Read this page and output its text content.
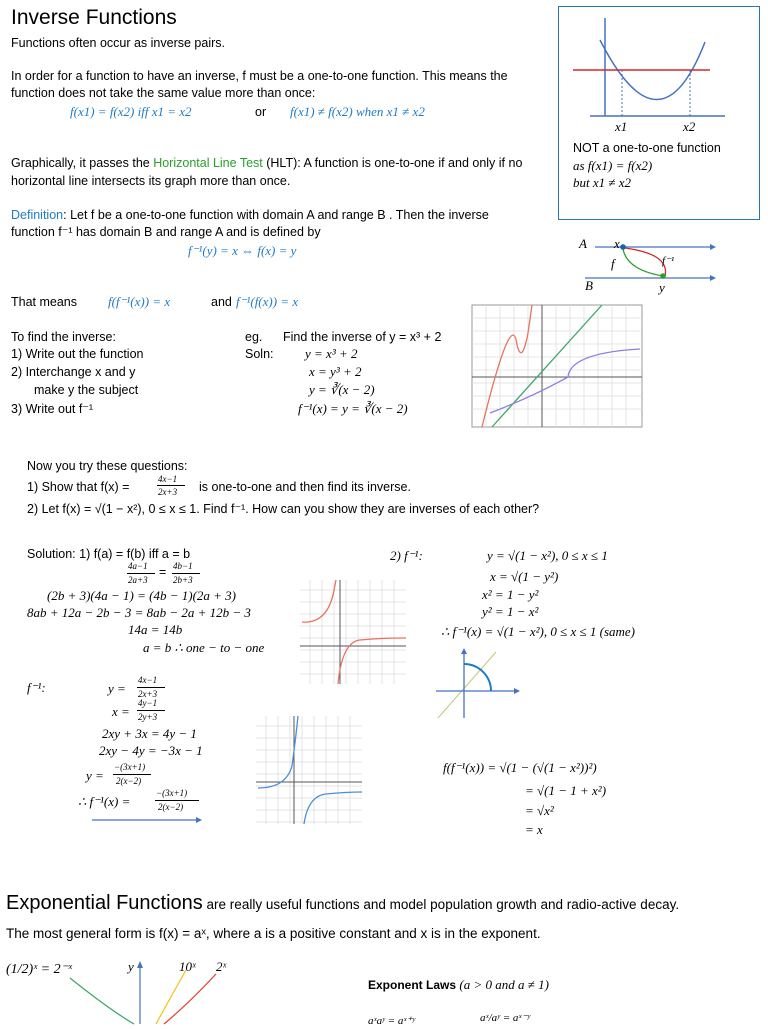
Inverse Functions
Functions often occur as inverse pairs.
In order for a function to have an inverse, f must be a one-to-one function. This means the
function does not take the same value more than once:
f(x1) = f(x2) iff x1 = x2	or f(x1) ≠ f(x2) when x1 ≠ x2
Graphically, it passes the Horizontal Line Test (HLT): A function is one-to-one if and only if no
horizontal line intersects its graph more than once.
Definition: Let f be a one-to-one function with domain A and range B . Then the inverse
function f⁻¹ has domain B and range A and is defined by
f⁻¹(y) = x ⇔ f(x) = y
That means f(f⁻¹(x)) = x	and f⁻¹(f(x)) = x
x1	x2
NOT a one-to-one function
as f(x1) = f(x2)
but x1 ≠ x2
A
B
x
y
f	f⁻¹
To find the inverse:
1) Write out the function
2) Interchange x and y
make y the subject
3) Write out f⁻¹
eg. Find the inverse of y = x³ + 2
Soln: y = x³ + 2
x = y³ + 2
y = ∛(x − 2)
f⁻¹(x) = y = ∛(x − 2)
Now you try these questions:
1) Show that f(x) =
4x−1
2x+3 is one-to-one and then find its inverse.
2) Let f(x) = √(1 − x²), 0 ≤ x ≤ 1. Find f⁻¹. How can you show they are inverses of each other?
Solution: 1) f(a) = f(b) iff a = b
4a−1
2a+3
= 4b−1
2b+3
(2b + 3)(4a − 1) = (4b − 1)(2a + 3)
8ab + 12a − 2b − 3 = 8ab − 2a + 12b − 3
14a = 14b
a = b ∴ one − to − one
f⁻¹:	y =
4x−1
2x+3
x =
4y−1
2y+3
2xy + 3x = 4y − 1
2xy − 4y = −3x − 1
y =
−(3x+1)
2(x−2)
∴ f⁻¹(x) =
−(3x+1)
2(x−2)
2) f⁻¹:	y = √(1 − x²), 0 ≤ x ≤ 1
x = √(1 − y²)
x² = 1 − y²
y² = 1 − x²
∴ f⁻¹(x) = √(1 − x²), 0 ≤ x ≤ 1 (same)
f(f⁻¹(x)) = √(1 − (√(1 − x²))²)
= √(1 − 1 + x²)
= √x²
= x
Exponential Functions are really useful functions and model population growth and radio-active decay.
The most general form is f(x) = aˣ, where a is a positive constant and x is in the exponent.
(1/2)ˣ = 2⁻ˣ	y	10ˣ 2ˣ
Exponent Laws (a > 0 and a ≠ 1)
aˣaʸ = aˣ⁺ʸ	aˣ/aʸ = aˣ⁻ʸ
